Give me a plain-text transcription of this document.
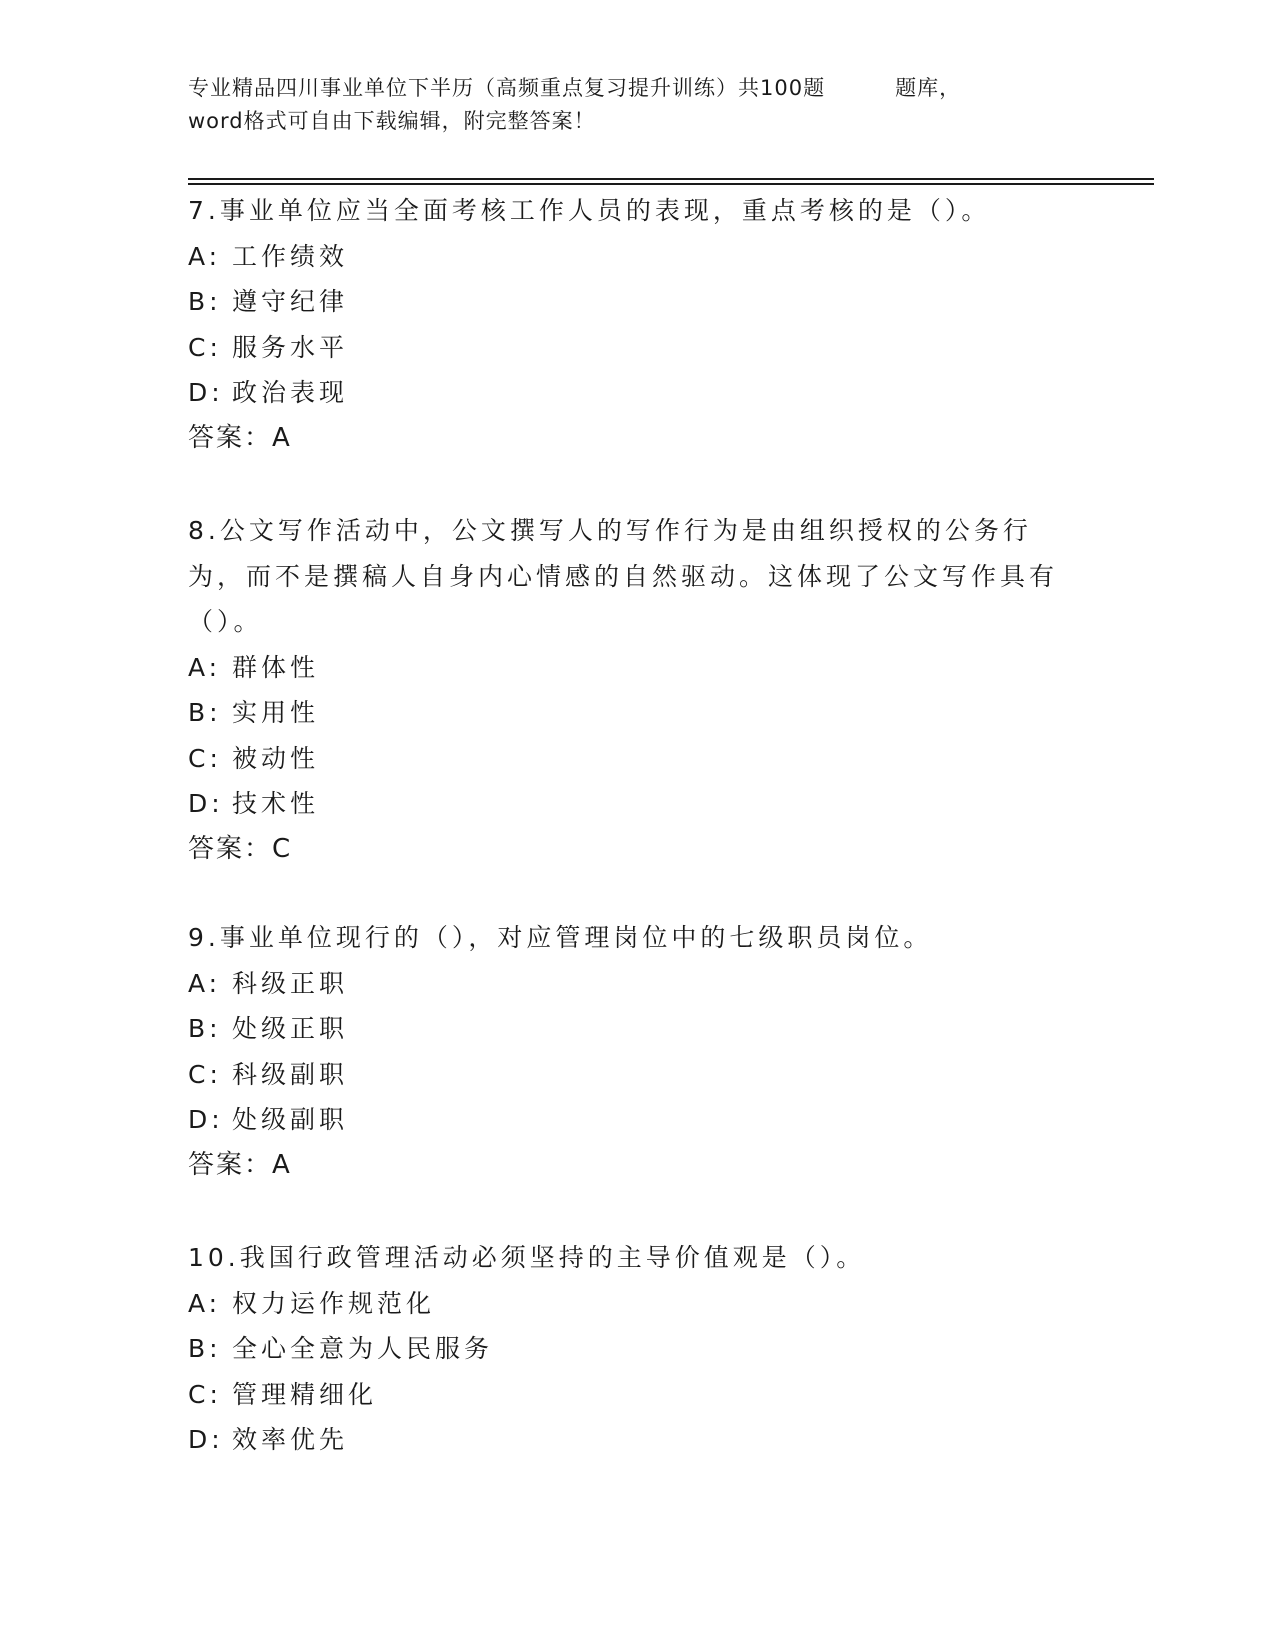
专业精品四川事业单位下半历（高频重点复习提升训练）共100题	题库，
word格式可自由下载编辑，附完整答案！
7.事业单位应当全面考核工作人员的表现，重点考核的是（）。
A: 工作绩效
B: 遵守纪律
C: 服务水平
D: 政治表现
答案：A
8.公文写作活动中，公文撰写人的写作行为是由组织授权的公务行为，而不是撰稿人自身内心情感的自然驱动。这体现了公文写作具有（）。
A: 群体性
B: 实用性
C: 被动性
D: 技术性
答案：C
9.事业单位现行的（），对应管理岗位中的七级职员岗位。
A: 科级正职
B: 处级正职
C: 科级副职
D: 处级副职
答案：A
10.我国行政管理活动必须坚持的主导价值观是（）。
A: 权力运作规范化
B: 全心全意为人民服务
C: 管理精细化
D: 效率优先
